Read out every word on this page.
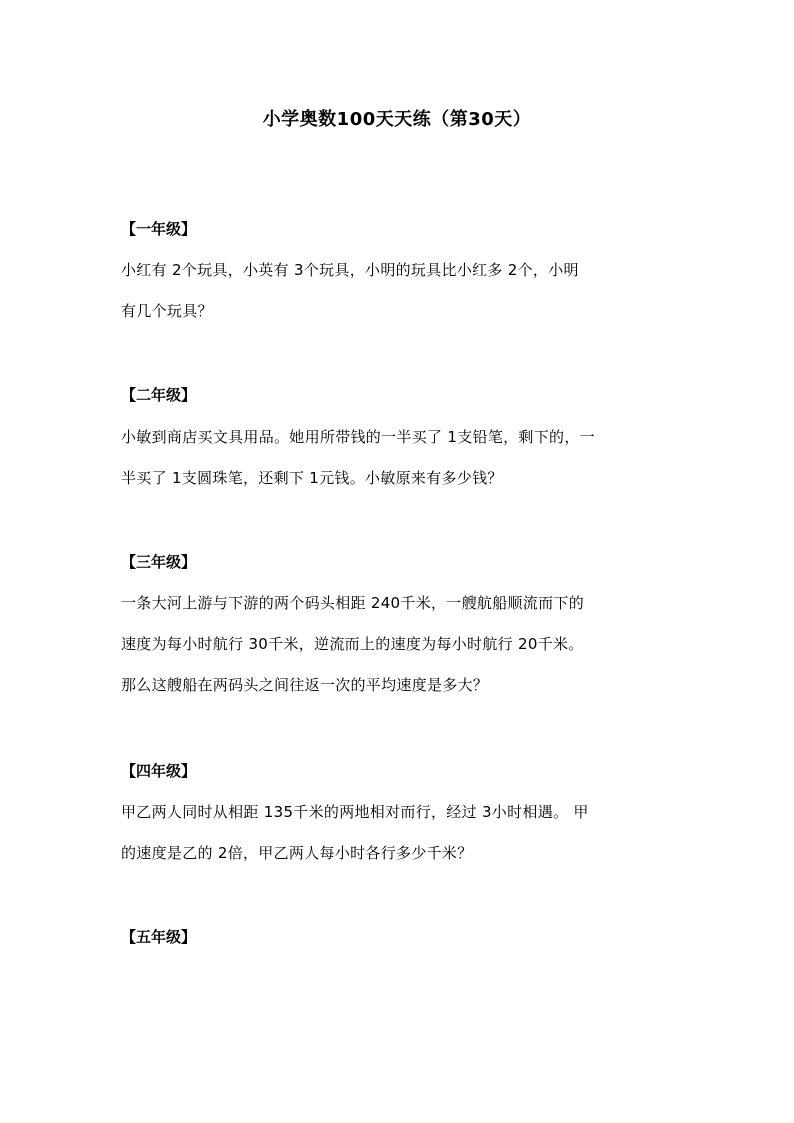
小学奥数100天天练（第30天）
【一年级】
小红有 2个玩具，小英有 3个玩具，小明的玩具比小红多 2个，小明
有几个玩具？
【二年级】
小敏到商店买文具用品。她用所带钱的一半买了 1支铅笔，剩下的，一
半买了 1支圆珠笔，还剩下 1元钱。小敏原来有多少钱？
【三年级】
一条大河上游与下游的两个码头相距 240千米，一艘航船顺流而下的
速度为每小时航行 30千米，逆流而上的速度为每小时航行 20千米。
那么这艘船在两码头之间往返一次的平均速度是多大？
【四年级】
甲乙两人同时从相距 135千米的两地相对而行，经过 3小时相遇。 甲
的速度是乙的 2倍，甲乙两人每小时各行多少千米？
【五年级】
